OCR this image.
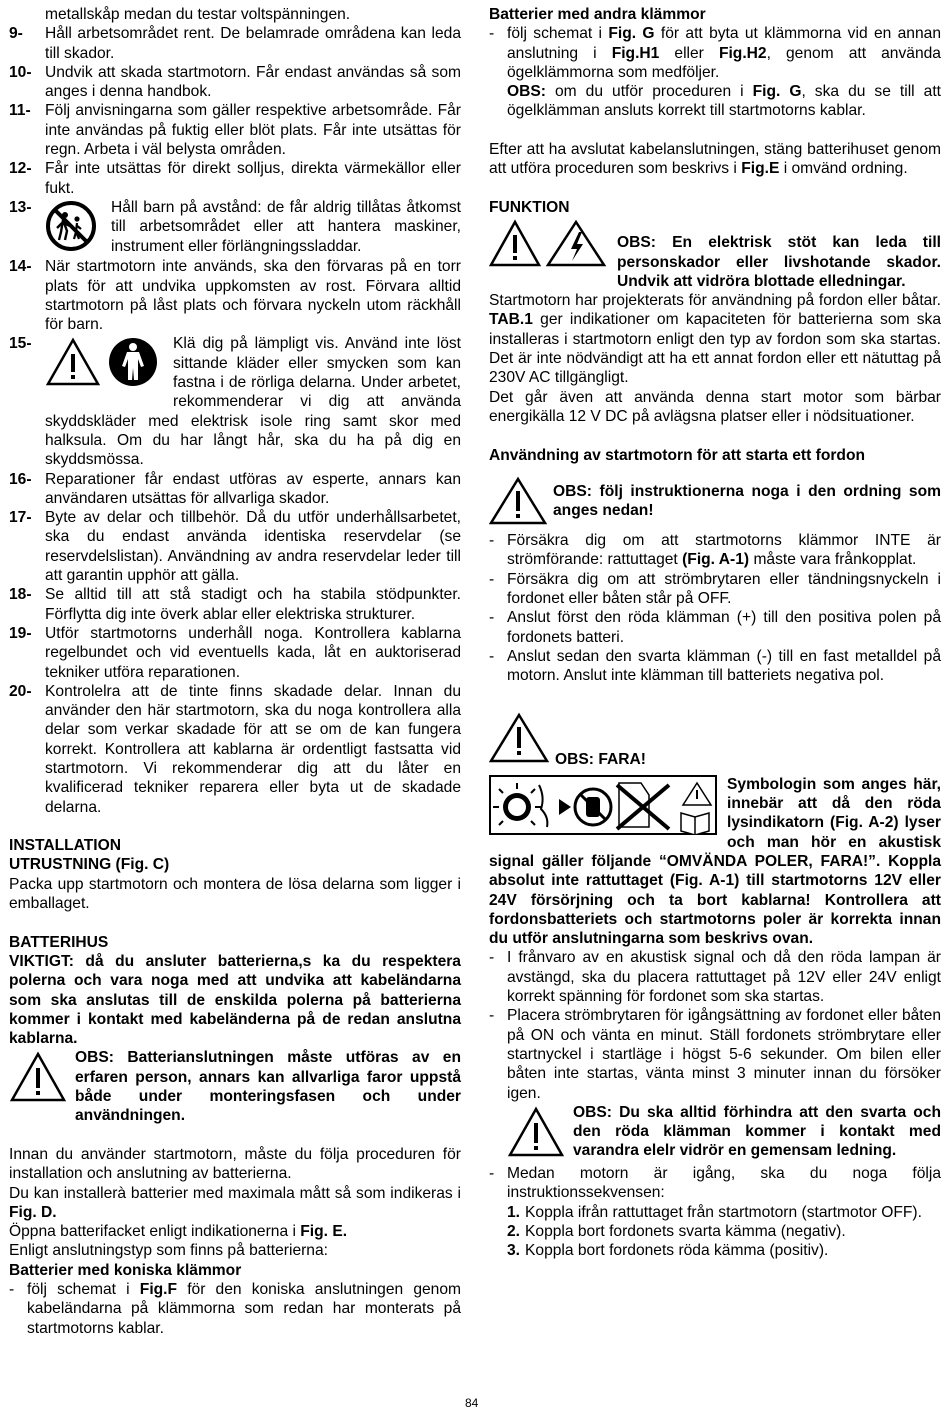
metallskåp medan du testar voltspänningen.

9-	Håll arbetsområdet rent. De belamrade områdena kan leda till skador.
10- Undvik att skada startmotorn. Får endast användas så som anges i denna handbok.
11- Följ anvisningarna som gäller respektive arbetsområde. Får inte användas på fuktig eller blöt plats. Får inte utsättas för regn. Arbeta i väl belysta områden.
12- Får inte utsättas för direkt solljus, direkta värmekällor eller fukt.
13-	Håll barn på avstånd: de får aldrig tillåtas åtkomst till arbetsområdet eller att hantera maskiner, instrument eller förlängningssladdar.
14- När startmotorn inte används, ska den förvaras på en torr plats för att undvika uppkomsten av rost. Förvara alltid startmotorn på låst plats och förvara nyckeln utom räckhåll för barn.
15-	Klä dig på lämpligt vis. Använd inte löst sittande kläder eller smycken som kan fastna i de rörliga delarna. Under arbetet, rekommenderar vi dig att använda skyddskläder med elektrisk isole ring samt skor med halksula. Om du har långt hår, ska du ha på dig en skyddsmössa.
16- Reparationer får endast utföras av esperte, annars kan användaren utsättas för allvarliga skador.
17- Byte av delar och tillbehör. Då du utför underhållsarbetet, ska du endast använda identiska reservdelar (se reservdelslistan). Användning av andra reservdelar leder till att garantin upphör att gälla.
18- Se alltid till att stå stadigt och ha stabila stödpunkter. Förflytta dig inte överk ablar eller elektriska strukturer.
19- Utför startmotorns underhåll noga. Kontrollera kablarna regelbundet och vid eventuells kada, låt en auktoriserad tekniker utföra reparationen.
20- Kontrolelra att de tinte finns skadade delar. Innan du använder den här startmotorn, ska du noga kontrollera alla delar som verkar skadade för att se om de kan fungera korrekt. Kontrollera att kablarna är ordentligt fastsatta vid startmotorn. Vi rekommenderar dig att du låter en kvalificerad tekniker reparera eller byta ut de skadade delarna.

INSTALLATION

UTRUSTNING (Fig. C)

Packa upp startmotorn och montera de lösa delarna som ligger i emballaget.

BATTERIHUS

VIKTIGT: då du ansluter batterierna,s ka du respektera polerna och vara noga med att undvika att kabeländarna som ska anslutas till de enskilda polerna på batterierna kommer i kontakt med kabeländerna på de redan anslutna kablarna.

OBS: Batterianslutningen måste utföras av en erfaren person, annars kan allvarliga faror uppstå både under monteringsfasen och under användningen.

Innan du använder startmotorn, måste du följa proceduren för installation och anslutning av batterierna.

Du kan installerà batterier med maximala mått så som indikeras i Fig. D.

Öppna batterifacket enligt indikationerna i Fig. E.

Enligt anslutningstyp som finns på batterierna:

Batterier med koniska klämmor

- följ schemat i Fig.F för den koniska anslutningen genom kabeländarna på klämmorna som redan har monterats på startmotorns kablar.

Batterier med andra klämmor

- följ schemat i Fig. G för att byta ut klämmorna vid en annan anslutning i Fig.H1 eller Fig.H2, genom att använda ögelklämmorna som medföljer.
OBS: om du utför proceduren i Fig. G, ska du se till att ögelklämman ansluts korrekt till startmotorns kablar.

Efter att ha avslutat kabelanslutningen, stäng batterihuset genom att utföra proceduren som beskrivs i Fig.E i omvänd ordning.

FUNKTION

OBS: En elektrisk stöt kan leda till personskador eller livshotande skador. Undvik att vidröra blottade elledningar.

Startmotorn har projekterats för användning på fordon eller båtar. TAB.1 ger indikationer om kapaciteten för batterierna som ska installeras i startmotorn enligt den typ av fordon som ska startas. Det är inte nödvändigt att ha ett annat fordon eller ett nätuttag på 230V AC tillgängligt.

Det går även att använda denna start motor som bärbar energikälla 12 V DC på avlägsna platser eller i nödsituationer.

Användning av startmotorn för att starta ett fordon

OBS: följ instruktionerna noga i den ordning som anges nedan!

- Försäkra dig om att startmotorns klämmor INTE är strömförande: rattuttaget (Fig. A-1) måste vara frånkopplat.
- Försäkra dig om att strömbrytaren eller tändningsnyckeln i fordonet eller båten står på OFF.
- Anslut först den röda klämman (+) till den positiva polen på fordonets batteri.
- Anslut sedan den svarta klämman (-) till en fast metalldel på motorn. Anslut inte klämman till batteriets negativa pol.
OBS: FARA!

Symbologin som anges här, innebär att då den röda lysindikatorn (Fig. A-2) lyser och man hör en akustisk signal gäller följande “OMVÄNDA POLER, FARA!”. Koppla absolut inte rattuttaget (Fig. A-1) till startmotorns 12V eller 24V försörjning och ta bort kablarna! Kontrollera att fordonsbatteriets och startmotorns poler är korrekta innan du utför anslutningarna som beskrivs ovan.

- I frånvaro av en akustisk signal och då den röda lampan är avstängd, ska du placera rattuttaget på 12V eller 24V enligt korrekt spänning för fordonet som ska startas.
- Placera strömbrytaren för igångsättning av fordonet eller båten på ON och vänta en minut. Ställ fordonets strömbrytare eller startnyckel i startläge i högst 5-6 sekunder. Om bilen eller båten inte startas, vänta minst 3 minuter innan du försöker igen.

OBS: Du ska alltid förhindra att den svarta och den röda klämman kommer i kontakt med varandra elelr vidrör en gemensam ledning.

- Medan motorn är igång, ska du noga följa instruktionssekvensen:
1. Koppla ifrån rattuttaget från startmotorn (startmotor OFF).
2. Koppla bort fordonets svarta kämma (negativ).
3. Koppla bort fordonets röda kämma (positiv).
84
